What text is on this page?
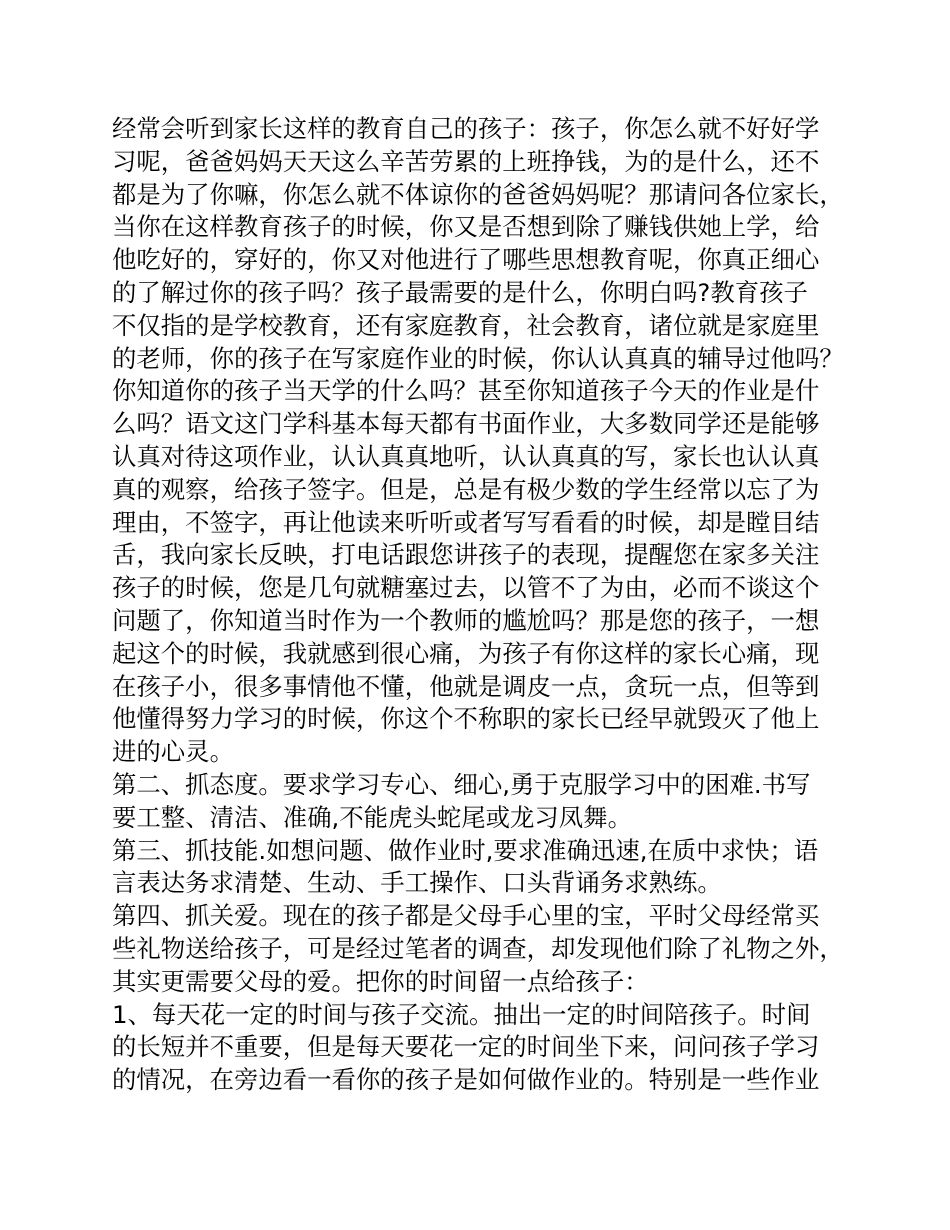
经常会听到家长这样的教育自己的孩子：孩子，你怎么就不好好学
习呢，爸爸妈妈天天这么辛苦劳累的上班挣钱，为的是什么，还不
都是为了你嘛，你怎么就不体谅你的爸爸妈妈呢？那请问各位家长，
当你在这样教育孩子的时候，你又是否想到除了赚钱供她上学，给
他吃好的，穿好的，你又对他进行了哪些思想教育呢，你真正细心
的了解过你的孩子吗？孩子最需要的是什么，你明白吗?教育孩子
不仅指的是学校教育，还有家庭教育，社会教育，诸位就是家庭里
的老师，你的孩子在写家庭作业的时候，你认认真真的辅导过他吗？
你知道你的孩子当天学的什么吗？甚至你知道孩子今天的作业是什
么吗？语文这门学科基本每天都有书面作业，大多数同学还是能够
认真对待这项作业，认认真真地听，认认真真的写，家长也认认真
真的观察，给孩子签字。但是，总是有极少数的学生经常以忘了为
理由，不签字，再让他读来听听或者写写看看的时候，却是瞠目结
舌，我向家长反映，打电话跟您讲孩子的表现，提醒您在家多关注
孩子的时候，您是几句就糖塞过去，以管不了为由，必而不谈这个
问题了，你知道当时作为一个教师的尴尬吗？那是您的孩子，一想
起这个的时候，我就感到很心痛，为孩子有你这样的家长心痛，现
在孩子小，很多事情他不懂，他就是调皮一点，贪玩一点，但等到
他懂得努力学习的时候，你这个不称职的家长已经早就毁灭了他上
进的心灵。
第二、抓态度。要求学习专心、细心,勇于克服学习中的困难.书写
要工整、清洁、准确,不能虎头蛇尾或龙习凤舞。
第三、抓技能.如想问题、做作业时,要求准确迅速,在质中求快；语
言表达务求清楚、生动、手工操作、口头背诵务求熟练。
第四、抓关爱。现在的孩子都是父母手心里的宝，平时父母经常买
些礼物送给孩子，可是经过笔者的调查，却发现他们除了礼物之外，
其实更需要父母的爱。把你的时间留一点给孩子：
1、每天花一定的时间与孩子交流。抽出一定的时间陪孩子。时间
的长短并不重要，但是每天要花一定的时间坐下来，问问孩子学习
的情况，在旁边看一看你的孩子是如何做作业的。特别是一些作业
